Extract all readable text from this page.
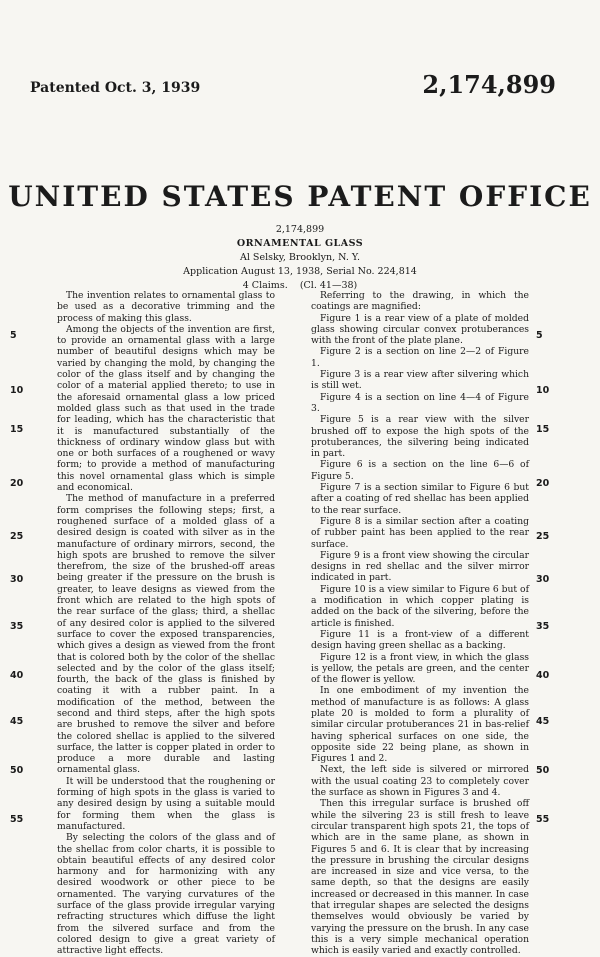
Patented Oct. 3, 1939	2,174,899
UNITED STATES PATENT OFFICE
2,174,899
ORNAMENTAL GLASS
Al Selsky, Brooklyn, N. Y.
Application August 13, 1938, Serial No. 224,814
4 Claims. (Cl. 41—38)

The invention relates to ornamental glass to be used as a decorative trimming and the process of making this glass.

Among the objects of the invention are first, to provide an ornamental glass with a large number of beautiful designs which may be varied by changing the mold, by changing the color of the glass itself and by changing the color of a material applied thereto; to use in the aforesaid ornamental glass a low priced molded glass such as that used in the trade for leading, which has the characteristic that it is manufactured substantially of the thickness of ordinary window glass but with one or both surfaces of a roughened or wavy form; to provide a method of manufacturing this novel ornamental glass which is simple and economical.

The method of manufacture in a preferred form comprises the following steps; first, a roughened surface of a molded glass of a desired design is coated with silver as in the manufacture of ordinary mirrors, second, the high spots are brushed to remove the silver therefrom, the size of the brushed-off areas being greater if the pressure on the brush is greater, to leave designs as viewed from the front which are related to the high spots of the rear surface of the glass; third, a shellac of any desired color is applied to the silvered surface to cover the exposed transparencies, which gives a design as viewed from the front that is colored both by the color of the shellac selected and by the color of the glass itself; fourth, the back of the glass is finished by coating it with a rubber paint. In a modification of the method, between the second and third steps, after the high spots are brushed to remove the silver and before the colored shellac is applied to the silvered surface, the latter is copper plated in order to produce a more durable and lasting ornamental glass.

It will be understood that the roughening or forming of high spots in the glass is varied to any desired design by using a suitable mould for forming them when the glass is manufactured.

By selecting the colors of the glass and of the shellac from color charts, it is possible to obtain beautiful effects of any desired color harmony and for harmonizing with any desired woodwork or other piece to be ornamented. The varying curvatures of the surface of the glass provide irregular varying refracting structures which diffuse the light from the silvered surface and from the colored design to give a great variety of attractive light effects.

Referring to the drawing, in which the coatings are magnified:

Figure 1 is a rear view of a plate of molded glass showing circular convex protuberances with the front of the plate plane.

Figure 2 is a section on line 2—2 of Figure 1.

Figure 3 is a rear view after silvering which is still wet.

Figure 4 is a section on line 4—4 of Figure 3.

Figure 5 is a rear view with the silver brushed off to expose the high spots of the protuberances, the silvering being indicated in part.

Figure 6 is a section on the line 6—6 of Figure 5.

Figure 7 is a section similar to Figure 6 but after a coating of red shellac has been applied to the rear surface.

Figure 8 is a similar section after a coating of rubber paint has been applied to the rear surface.

Figure 9 is a front view showing the circular designs in red shellac and the silver mirror indicated in part.

Figure 10 is a view similar to Figure 6 but of a modification in which copper plating is added on the back of the silvering, before the article is finished.

Figure 11 is a front-view of a different design having green shellac as a backing.

Figure 12 is a front view, in which the glass is yellow, the petals are green, and the center of the flower is yellow.

In one embodiment of my invention the method of manufacture is as follows: A glass plate 20 is molded to form a plurality of similar circular protuberances 21 in bas-relief having spherical surfaces on one side, the opposite side 22 being plane, as shown in Figures 1 and 2.

Next, the left side is silvered or mirrored with the usual coating 23 to completely cover the surface as shown in Figures 3 and 4.

Then this irregular surface is brushed off while the silvering 23 is still fresh to leave circular transparent high spots 21, the tops of which are in the same plane, as shown in Figures 5 and 6. It is clear that by increasing the pressure in brushing the circular designs are increased in size and vice versa, to the same depth, so that the designs are easily increased or decreased in this manner. In case that irregular shapes are selected the designs themselves would obviously be varied by varying the pressure on the brush. In any case this is a very simple mechanical operation which is easily varied and exactly controlled.

5
10
15
20
25
30
35
40
45
50
55
5
10
15
20
25
30
35
40
45
50
55
